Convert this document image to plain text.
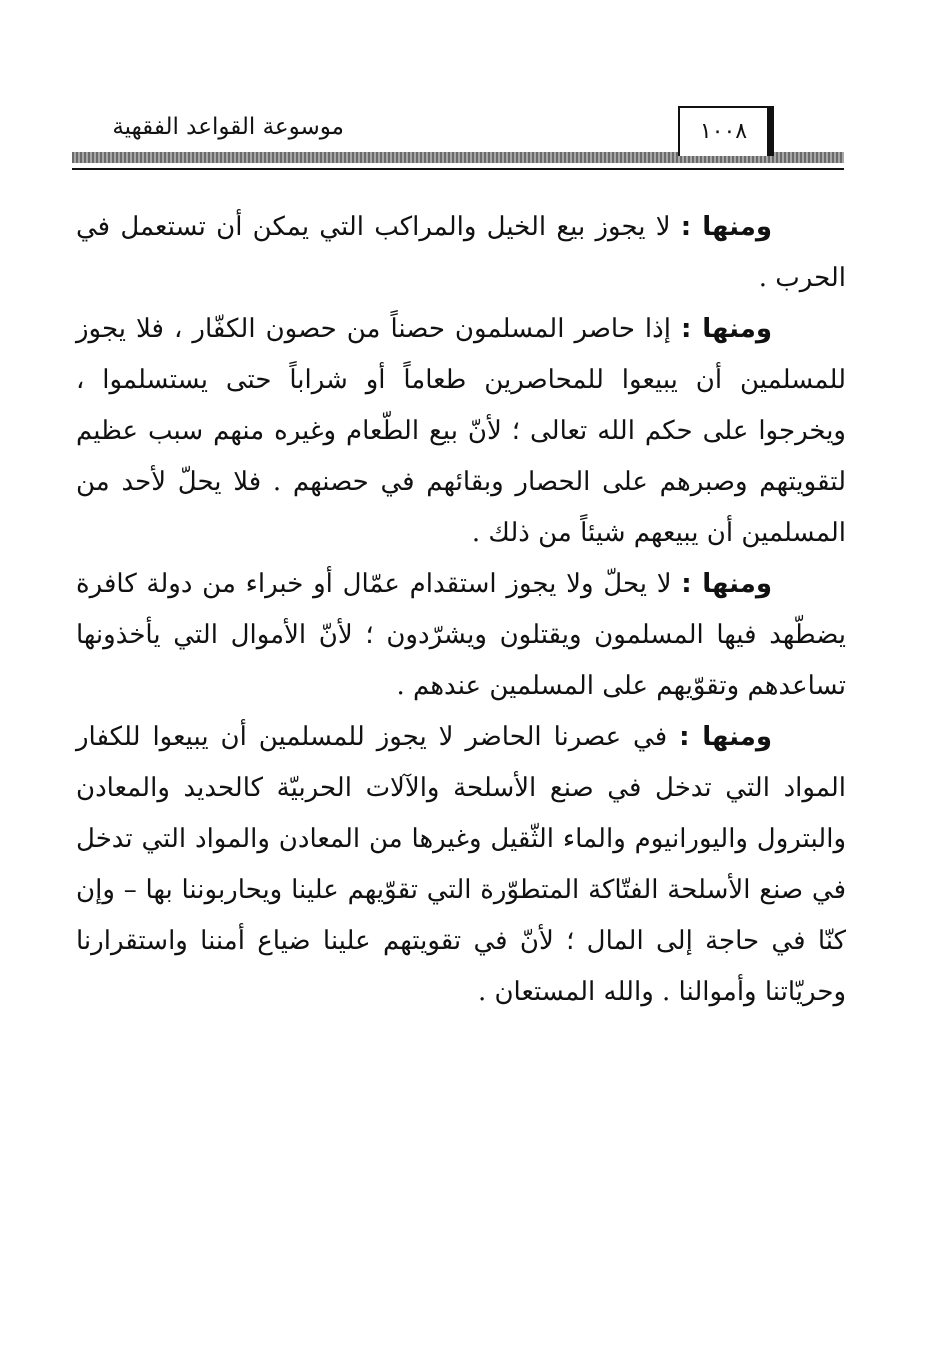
موسوعة القواعد الفقهية	١٠٠٨

ومنها : لا يجوز بيع الخيل والمراكب التي يمكن أن تستعمل في الحرب .

ومنها : إذا حاصر المسلمون حصناً من حصون الكفّار ، فلا يجوز للمسلمين أن يبيعوا للمحاصرين طعاماً أو شراباً حتى يستسلموا ، ويخرجوا على حكم الله تعالى ؛ لأنّ بيع الطّعام وغيره منهم سبب عظيم لتقويتهم وصبرهم على الحصار وبقائهم في حصنهم . فلا يحلّ لأحد من المسلمين أن يبيعهم شيئاً من ذلك .

ومنها : لا يحلّ ولا يجوز استقدام عمّال أو خبراء من دولة كافرة يضطّهد فيها المسلمون ويقتلون ويشرّدون ؛ لأنّ الأموال التي يأخذونها تساعدهم وتقوّيهم على المسلمين عندهم .

ومنها : في عصرنا الحاضر لا يجوز للمسلمين أن يبيعوا للكفار المواد التي تدخل في صنع الأسلحة والآلات الحربيّة كالحديد والمعادن والبترول واليورانيوم والماء الثّقيل وغيرها من المعادن والمواد التي تدخل في صنع الأسلحة الفتّاكة المتطوّرة التي تقوّيهم علينا ويحاربوننا بها – وإن كنّا في حاجة إلى المال ؛ لأنّ في تقويتهم علينا ضياع أمننا واستقرارنا وحريّاتنا وأموالنا . والله المستعان .
